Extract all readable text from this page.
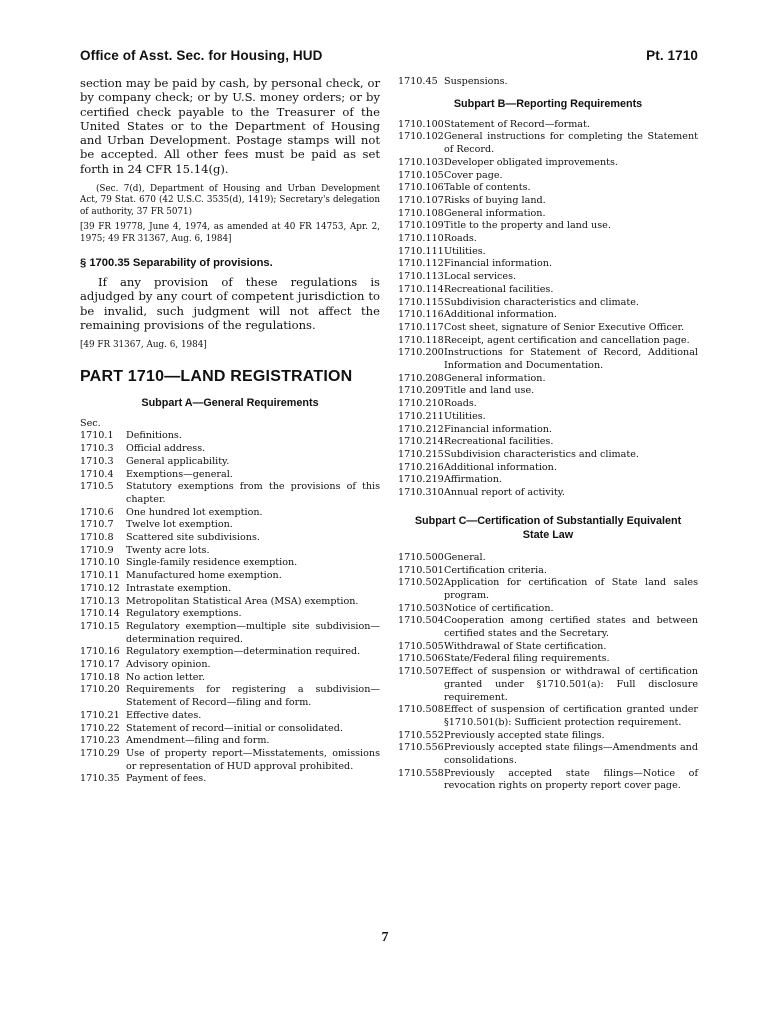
Office of Asst. Sec. for Housing, HUD	Pt. 1710

section may be paid by cash, by personal check, or by company check; or by U.S. money orders; or by certified check payable to the Treasurer of the United States or to the Department of Housing and Urban Development. Postage stamps will not be accepted. All other fees must be paid as set forth in 24 CFR 15.14(g).

(Sec. 7(d), Department of Housing and Urban Development Act, 79 Stat. 670 (42 U.S.C. 3535(d), 1419); Secretary's delegation of authority, 37 FR 5071)

[39 FR 19778, June 4, 1974, as amended at 40 FR 14753, Apr. 2, 1975; 49 FR 31367, Aug. 6, 1984]

§ 1700.35 Separability of provisions.

If any provision of these regulations is adjudged by any court of competent jurisdiction to be invalid, such judgment will not affect the remaining provisions of the regulations.

[49 FR 31367, Aug. 6, 1984]

PART 1710—LAND REGISTRATION
Subpart A—General Requirements

Sec.

1710.1	Definitions.
1710.3	Official address.
1710.3	General applicability.
1710.4	Exemptions—general.
1710.5	Statutory exemptions from the provisions of this chapter.
1710.6	One hundred lot exemption.
1710.7	Twelve lot exemption.
1710.8	Scattered site subdivisions.
1710.9	Twenty acre lots.
1710.10 Single-family residence exemption.
1710.11 Manufactured home exemption.
1710.12 Intrastate exemption.
1710.13 Metropolitan Statistical Area (MSA) exemption.
1710.14 Regulatory exemptions.
1710.15 Regulatory exemption—multiple site subdivision—determination required.
1710.16 Regulatory exemption—determination required.
1710.17 Advisory opinion.
1710.18 No action letter.
1710.20 Requirements for registering a subdivision—Statement of Record—filing and form.
1710.21 Effective dates.
1710.22 Statement of record—initial or consolidated.
1710.23 Amendment—filing and form.
1710.29 Use of property report—Misstatements, omissions or representation of HUD approval prohibited.
1710.35 Payment of fees.
1710.45 Suspensions.
Subpart B—Reporting Requirements
1710.100 Statement of Record—format.
1710.102 General instructions for completing the Statement of Record.
1710.103 Developer obligated improvements.
1710.105 Cover page.
1710.106 Table of contents.
1710.107 Risks of buying land.
1710.108 General information.
1710.109 Title to the property and land use.
1710.110 Roads.
1710.111 Utilities.
1710.112 Financial information.
1710.113 Local services.
1710.114 Recreational facilities.
1710.115 Subdivision characteristics and climate.
1710.116 Additional information.
1710.117 Cost sheet, signature of Senior Executive Officer.
1710.118 Receipt, agent certification and cancellation page.
1710.200 Instructions for Statement of Record, Additional Information and Documentation.
1710.208 General information.
1710.209 Title and land use.
1710.210 Roads.
1710.211 Utilities.
1710.212 Financial information.
1710.214 Recreational facilities.
1710.215 Subdivision characteristics and climate.
1710.216 Additional information.
1710.219 Affirmation.
1710.310 Annual report of activity.
Subpart C—Certification of Substantially Equivalent State Law
1710.500 General.
1710.501 Certification criteria.
1710.502 Application for certification of State land sales program.
1710.503 Notice of certification.
1710.504 Cooperation among certified states and between certified states and the Secretary.
1710.505 Withdrawal of State certification.
1710.506 State/Federal filing requirements.
1710.507 Effect of suspension or withdrawal of certification granted under §1710.501(a): Full disclosure requirement.
1710.508 Effect of suspension of certification granted under §1710.501(b): Sufficient protection requirement.
1710.552 Previously accepted state filings.
1710.556 Previously accepted state filings—Amendments and consolidations.
1710.558 Previously accepted state filings—Notice of revocation rights on property report cover page.
7
